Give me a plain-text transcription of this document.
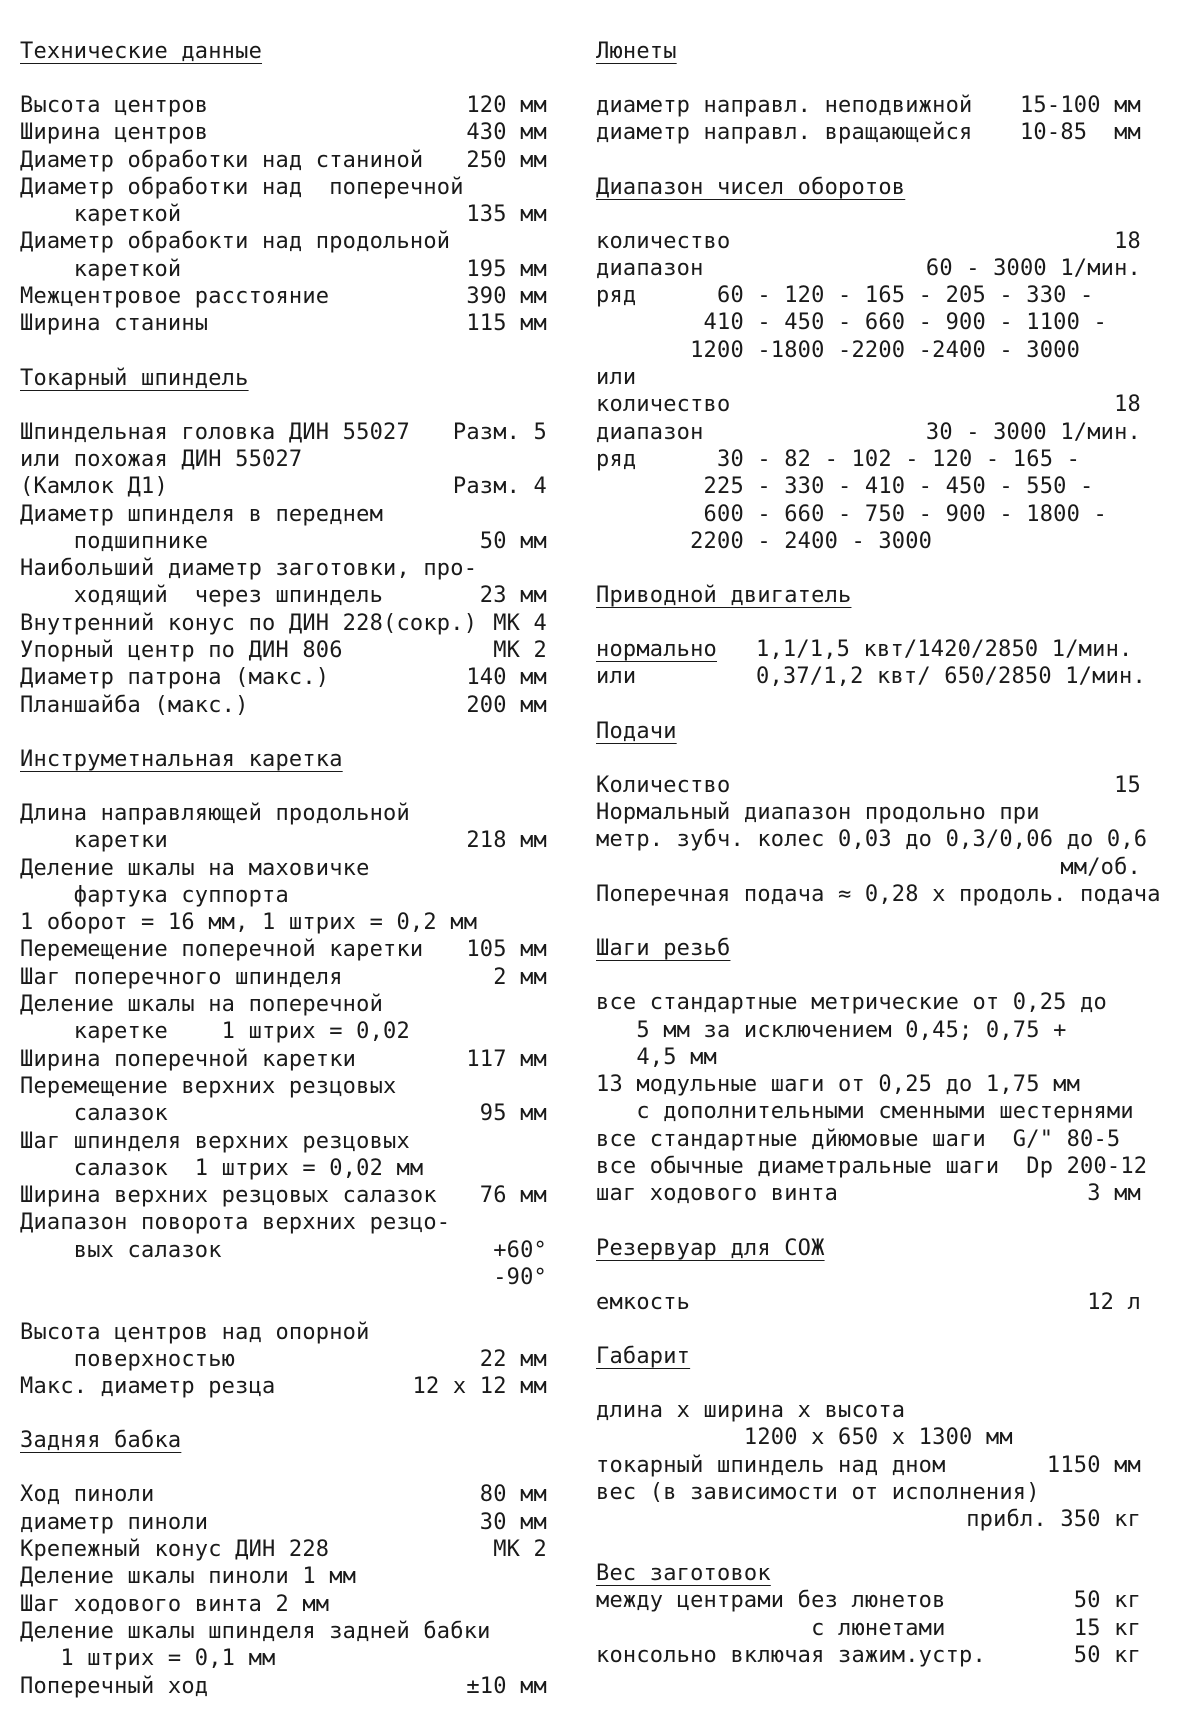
Технические данные
Высота центров	120 мм
Ширина центров	430 мм
Диаметр обработки над станиной 250 мм
Диаметр обработки над  поперечной
кареткой	135 мм
Диаметр обрабокти над продольной
кареткой	195 мм
Межцентровое расстояние	390 мм
Ширина станины	115 мм
Токарный шпиндель
Шпиндельная головка ДИН 55027 Разм. 5
или похожая ДИН 55027
(Камлок Д1)	Разм. 4
Диаметр шпинделя в переднем
подшипнике	50 мм
Наибольший диаметр заготовки, про-
ходящий  через шпиндель	23 мм
Внутренний конус по ДИН 228(сокр.) МК 4
Упорный центр по ДИН 806	МК 2
Диаметр патрона (макс.)	140 мм
Планшайба (макс.)	200 мм
Инструметнальная каретка
Длина направляющей продольной
каретки	218 мм
Деление шкалы на маховичке
фартука суппорта
1 оборот = 16 мм, 1 штрих = 0,2 мм
Перемещение поперечной каретки 105 мм
Шаг поперечного шпинделя	2 мм
Деление шкалы на поперечной
каретке    1 штрих = 0,02
Ширина поперечной каретки	117 мм
Перемещение верхних резцовых
салазок	95 мм
Шаг шпинделя верхних резцовых
салазок  1 штрих = 0,02 мм
Ширина верхних резцовых салазок 76 мм
Диапазон поворота верхних резцо-
вых салазок	+60°
-90°
Высота центров над опорной
поверхностью	22 мм
Макс. диаметр резца	12 х 12 мм
Задняя бабка
Ход пиноли	80 мм
диаметр пиноли	30 мм
Крепежный конус ДИН 228	МК 2
Деление шкалы пиноли 1 мм
Шаг ходового винта 2 мм
Деление шкалы шпинделя задней бабки
1 штрих = 0,1 мм
Поперечный ход	±10 мм
Люнеты
диаметр направл. неподвижной 15-100 мм
диаметр направл. вращающейся 10-85  мм
Диапазон чисел оборотов
количество	18
диапазон	60 - 3000 1/мин.
ряд      60 - 120 - 165 - 205 - 330 -
410 - 450 - 660 - 900 - 1100 -
1200 -1800 -2200 -2400 - 3000
или
количество	18
диапазон	30 - 3000 1/мин.
ряд      30 - 82 - 102 - 120 - 165 -
225 - 330 - 410 - 450 - 550 -
600 - 660 - 750 - 900 - 1800 -
2200 - 2400 - 3000
Приводной двигатель
нормально 1,1/1,5 квт/1420/2850 1/мин.
или	0,37/1,2 квт/ 650/2850 1/мин.
Подачи
Количество	15
Нормальный диапазон продольно при
метр. зубч. колес 0,03 до 0,3/0,06 до 0,6
мм/об.
Поперечная подача ≈ 0,28 х продоль. подача
Шаги резьб
все стандартные метрические от 0,25 до
5 мм за исключением 0,45; 0,75 +
4,5 мм
13 модульные шаги от 0,25 до 1,75 мм
с дополнительными сменными шестернями
все стандартные дйюмовые шаги  G/" 80-5
все обычные диаметральные шаги  Dp 200-12
шаг ходового винта	3 мм
Резервуар для СОЖ
емкость	12 л
Габарит
длина х ширина х высота
1200 х 650 х 1300 мм
токарный шпиндель над дном	1150 мм
вес (в зависимости от исполнения)
прибл. 350 кг
Вес заготовок
между центрами без люнетов	50 кг
с люнетами	15 кг
консольно включая зажим.устр.	50 кг
